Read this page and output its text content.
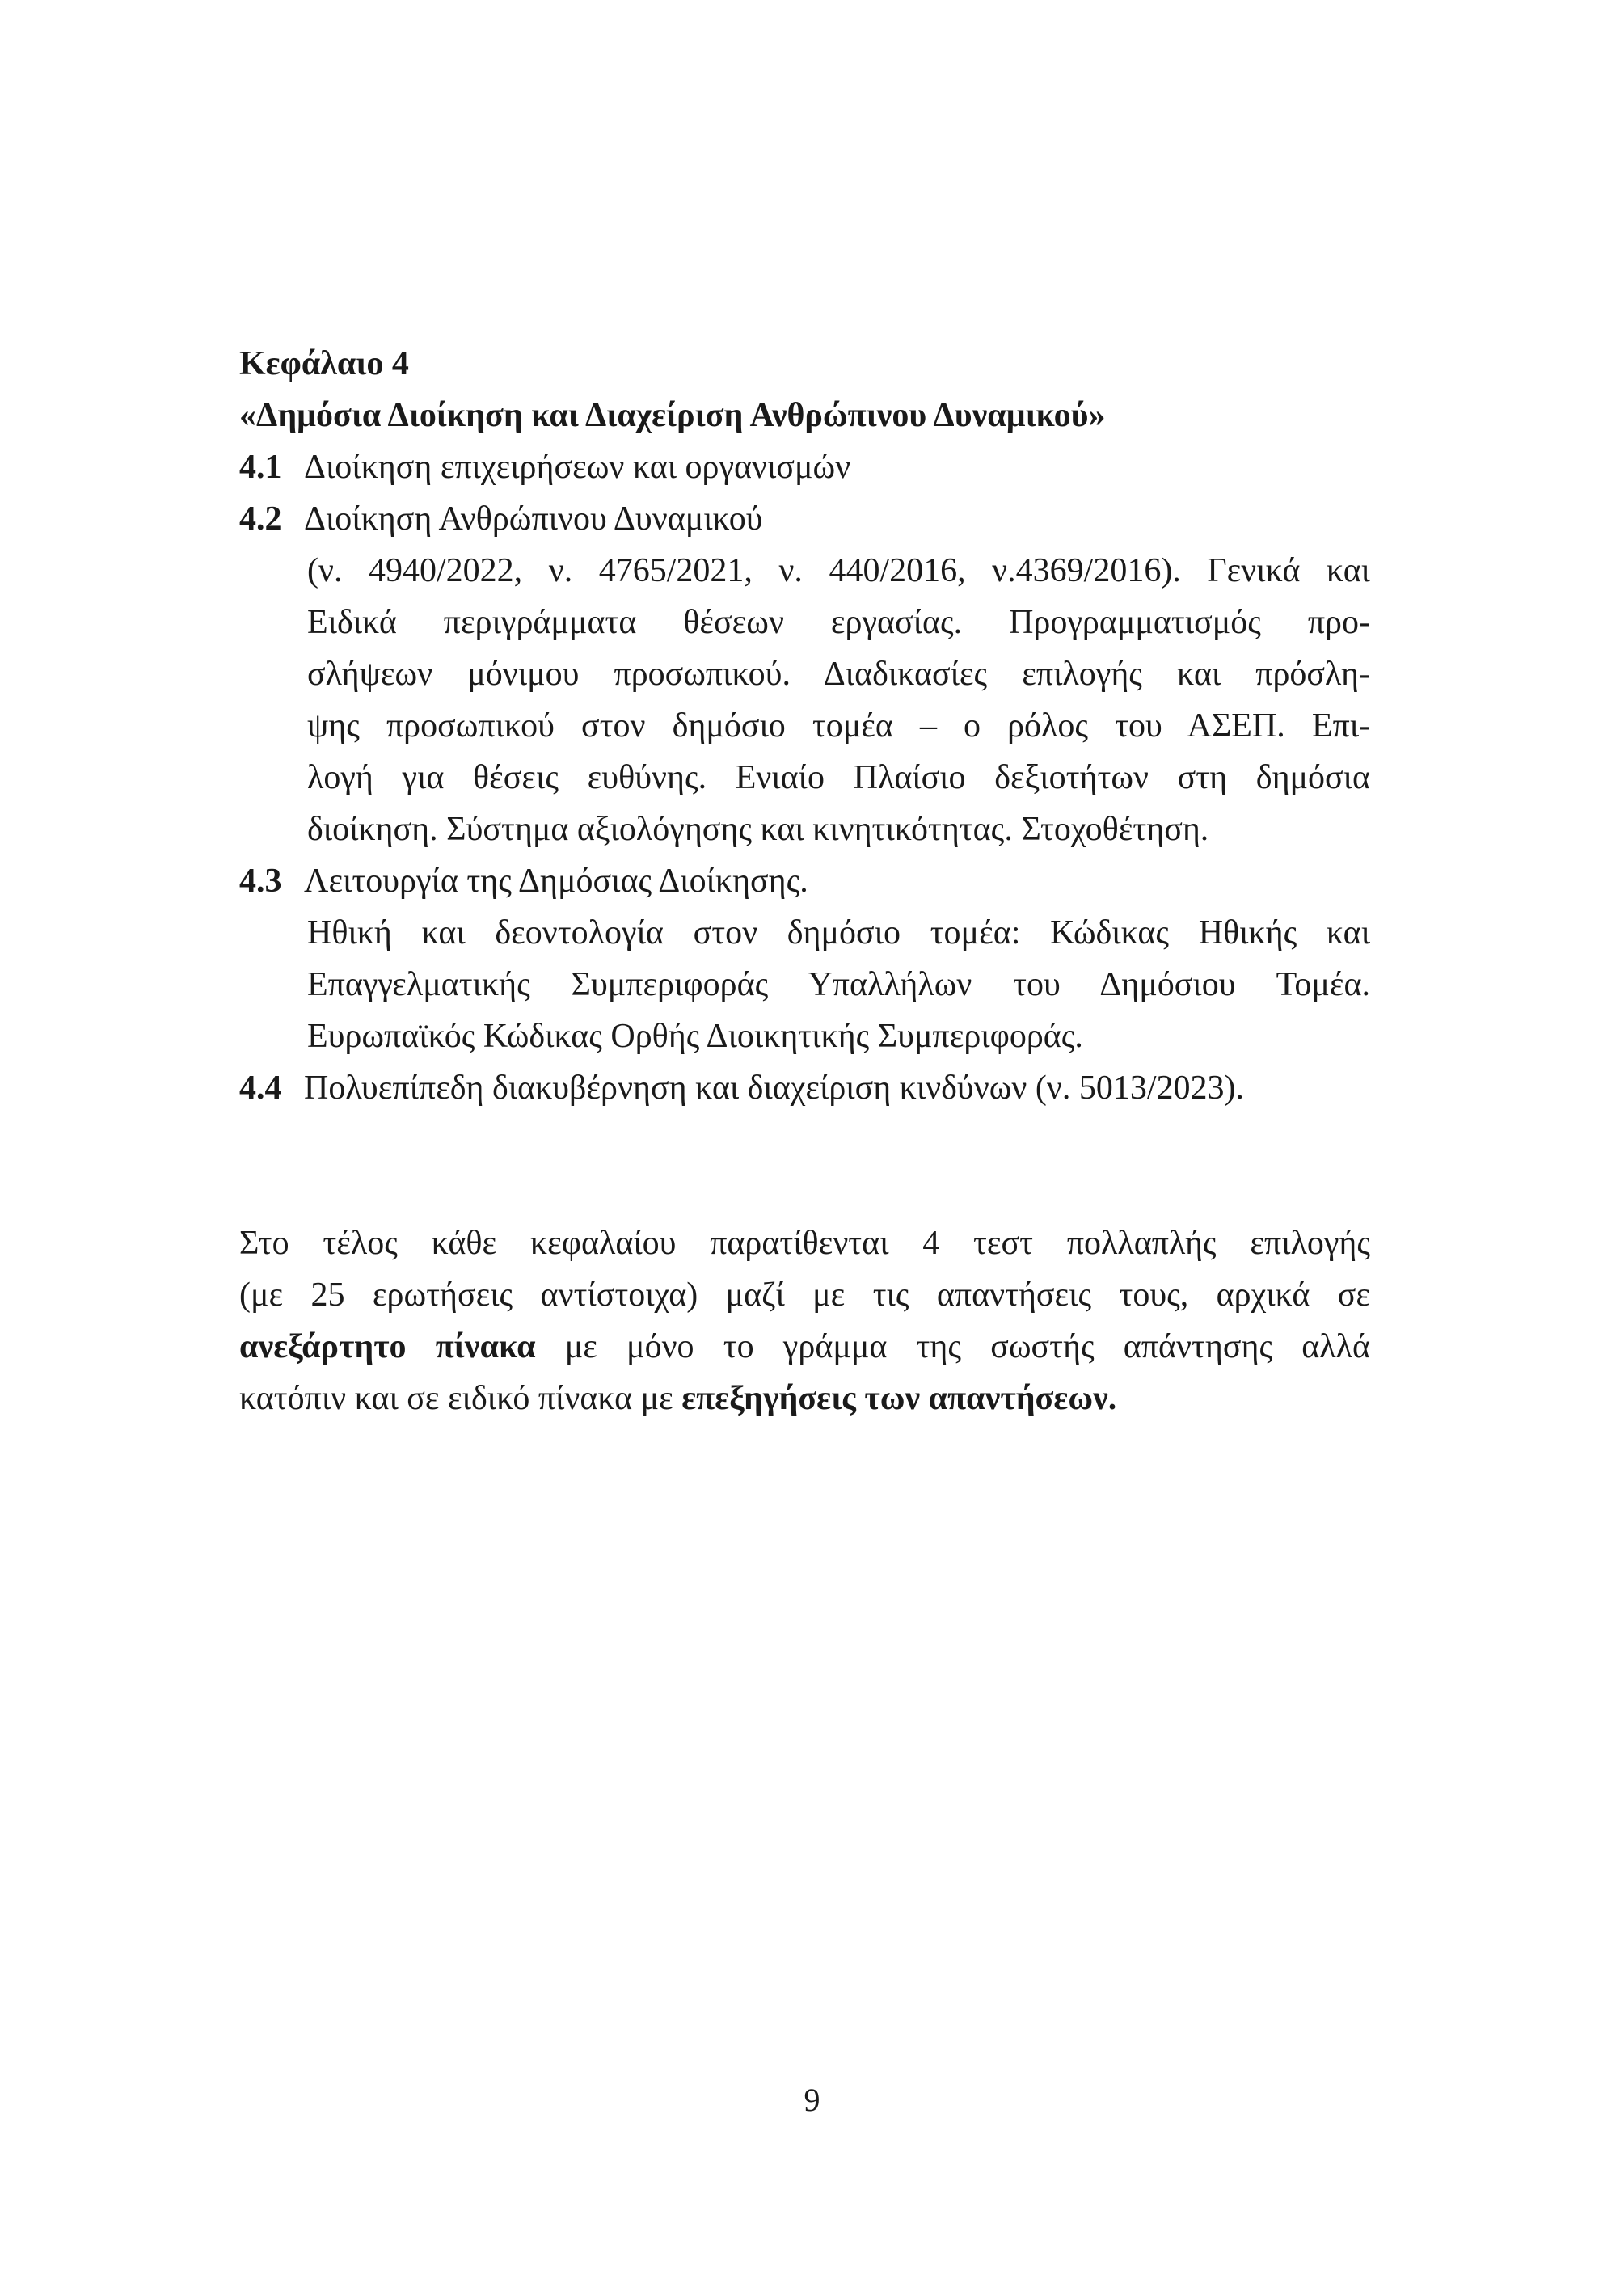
Κεφάλαιο 4
«Δημόσια Διοίκηση και Διαχείριση Ανθρώπινου Δυναμικού»
4.1 Διοίκηση επιχειρήσεων και οργανισμών
4.2 Διοίκηση Ανθρώπινου Δυναμικού
(ν. 4940/2022, ν. 4765/2021, ν. 440/2016, ν.4369/2016). Γενικά και
Ειδικά περιγράμματα θέσεων εργασίας. Προγραμματισμός προ-
σλήψεων μόνιμου προσωπικού. Διαδικασίες επιλογής και πρόσλη-
ψης προσωπικού στον δημόσιο τομέα – ο ρόλος του ΑΣΕΠ. Επι-
λογή για θέσεις ευθύνης. Ενιαίο Πλαίσιο δεξιοτήτων στη δημόσια
διοίκηση. Σύστημα αξιολόγησης και κινητικότητας. Στοχοθέτηση.
4.3 Λειτουργία της Δημόσιας Διοίκησης.
Ηθική και δεοντολογία στον δημόσιο τομέα: Κώδικας Ηθικής και
Επαγγελματικής Συμπεριφοράς Υπαλλήλων του Δημόσιου Τομέα.
Ευρωπαϊκός Κώδικας Ορθής Διοικητικής Συμπεριφοράς.
4.4 Πολυεπίπεδη διακυβέρνηση και διαχείριση κινδύνων (ν. 5013/2023).
Στο τέλος κάθε κεφαλαίου παρατίθενται 4 τεστ πολλαπλής επιλογής
(με 25 ερωτήσεις αντίστοιχα) μαζί με τις απαντήσεις τους, αρχικά σε
ανεξάρτητο πίνακα με μόνο το γράμμα της σωστής απάντησης αλλά
κατόπιν και σε ειδικό πίνακα με επεξηγήσεις των απαντήσεων.
9
